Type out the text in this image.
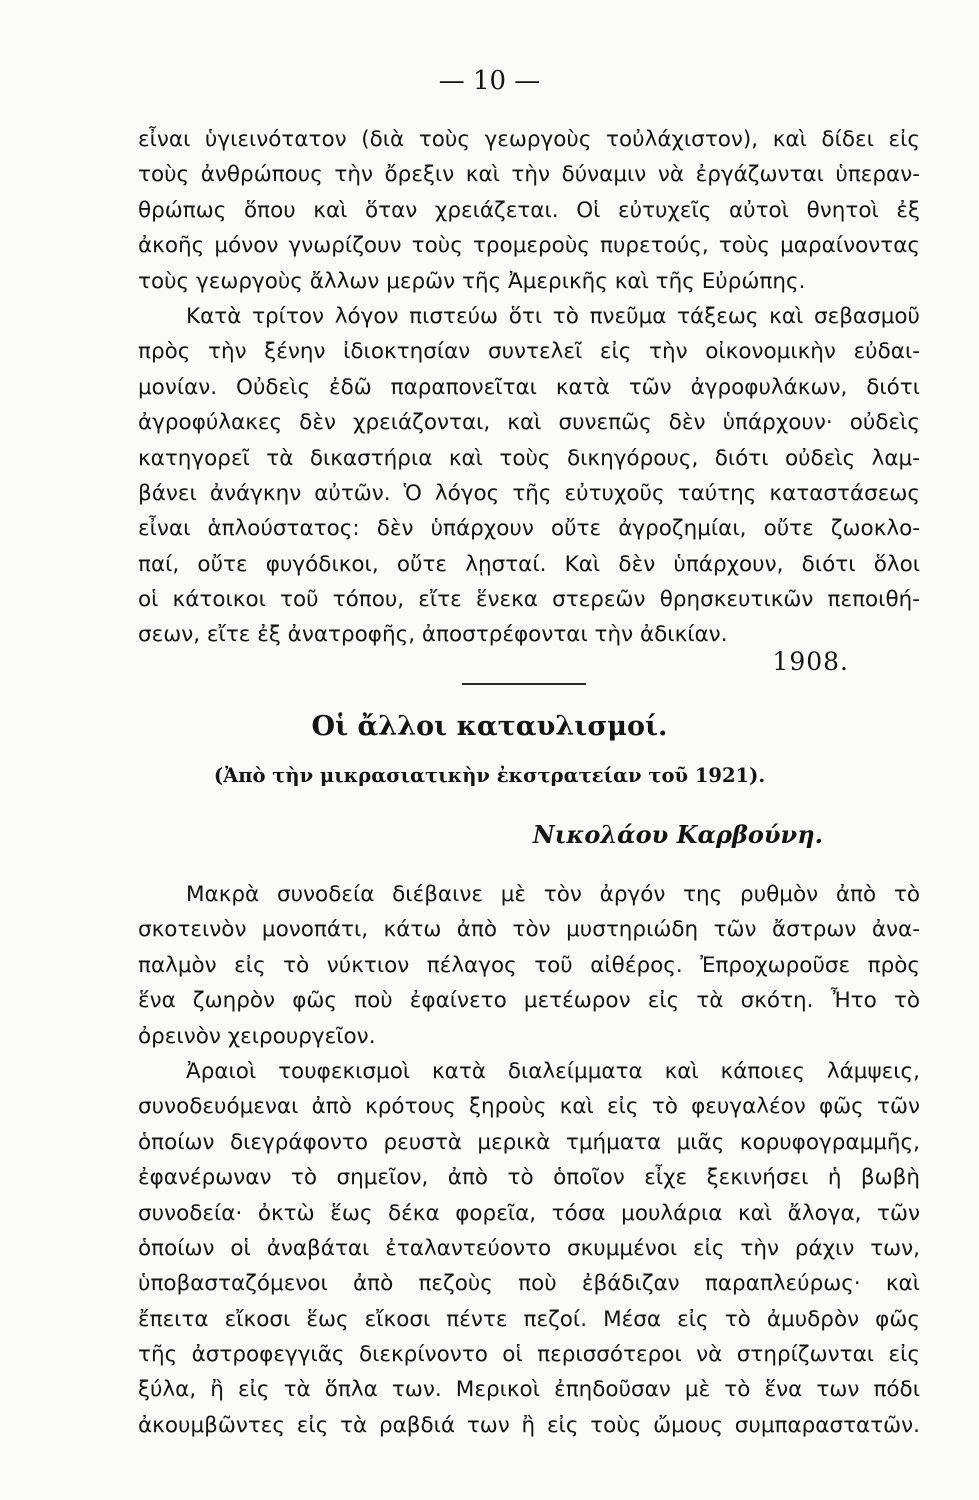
— 10 —
εἶναι ὑγιεινότατον (διὰ τοὺς γεωργοὺς τοὐλάχιστον), καὶ δίδει εἰς
τοὺς ἀνθρώπους τὴν ὄρεξιν καὶ τὴν δύναμιν νὰ ἐργάζωνται ὑπεραν-
θρώπως ὅπου καὶ ὅταν χρειάζεται. Οἱ εὐτυχεῖς αὐτοὶ θνητοὶ ἐξ
ἀκοῆς μόνον γνωρίζουν τοὺς τρομεροὺς πυρετούς, τοὺς μαραίνοντας
τοὺς γεωργοὺς ἄλλων μερῶν τῆς Ἀμερικῆς καὶ τῆς Εὐρώπης.
Κατὰ τρίτον λόγον πιστεύω ὅτι τὸ πνεῦμα τάξεως καὶ σεβασμοῦ
πρὸς τὴν ξένην ἰδιοκτησίαν συντελεῖ εἰς τὴν οἰκονομικὴν εὐδαι-
μονίαν. Οὐδεὶς ἐδῶ παραπονεῖται κατὰ τῶν ἀγροφυλάκων, διότι
ἀγροφύλακες δὲν χρειάζονται, καὶ συνεπῶς δὲν ὑπάρχουν· οὐδεὶς
κατηγορεῖ τὰ δικαστήρια καὶ τοὺς δικηγόρους, διότι οὐδεὶς λαμ-
βάνει ἀνάγκην αὐτῶν. Ὁ λόγος τῆς εὐτυχοῦς ταύτης καταστάσεως
εἶναι ἁπλούστατος: δὲν ὑπάρχουν οὔτε ἀγροζημίαι, οὔτε ζωοκλο-
παί, οὔτε φυγόδικοι, οὔτε λῃσταί. Καὶ δὲν ὑπάρχουν, διότι ὅλοι
οἱ κάτοικοι τοῦ τόπου, εἴτε ἕνεκα στερεῶν θρησκευτικῶν πεποιθή-
σεων, εἴτε ἐξ ἀνατροφῆς, ἀποστρέφονται τὴν ἀδικίαν.
1908.
Οἱ ἄλλοι καταυλισμοί.
(Ἀπὸ τὴν μικρασιατικὴν ἐκστρατείαν τοῦ 1921).
Νικολάου Καρβούνη.
Μακρὰ συνοδεία διέβαινε μὲ τὸν ἀργόν της ρυθμὸν ἀπὸ τὸ
σκοτεινὸν μονοπάτι, κάτω ἀπὸ τὸν μυστηριώδη τῶν ἄστρων ἀνα-
παλμὸν εἰς τὸ νύκτιον πέλαγος τοῦ αἰθέρος. Ἐπροχωροῦσε πρὸς
ἕνα ζωηρὸν φῶς ποὺ ἐφαίνετο μετέωρον εἰς τὰ σκότη. Ἦτο τὸ
ὀρεινὸν χειρουργεῖον.
Ἀραιοὶ τουφεκισμοὶ κατὰ διαλείμματα καὶ κάποιες λάμψεις,
συνοδευόμεναι ἀπὸ κρότους ξηροὺς καὶ εἰς τὸ φευγαλέον φῶς τῶν
ὁποίων διεγράφοντο ρευστὰ μερικὰ τμήματα μιᾶς κορυφογραμμῆς,
ἐφανέρωναν τὸ σημεῖον, ἀπὸ τὸ ὁποῖον εἶχε ξεκινήσει ἡ βωβὴ
συνοδεία· ὀκτὼ ἕως δέκα φορεῖα, τόσα μουλάρια καὶ ἄλογα, τῶν
ὁποίων οἱ ἀναβάται ἐταλαντεύοντο σκυμμένοι εἰς τὴν ράχιν των,
ὑποβασταζόμενοι ἀπὸ πεζοὺς ποὺ ἐβάδιζαν παραπλεύρως· καὶ
ἔπειτα εἴκοσι ἕως εἴκοσι πέντε πεζοί. Μέσα εἰς τὸ ἀμυδρὸν φῶς
τῆς ἀστροφεγγιᾶς διεκρίνοντο οἱ περισσότεροι νὰ στηρίζωνται εἰς
ξύλα, ἢ εἰς τὰ ὅπλα των. Μερικοὶ ἐπηδοῦσαν μὲ τὸ ἕνα των πόδι
ἀκουμβῶντες εἰς τὰ ραβδιά των ἢ εἰς τοὺς ὤμους συμπαραστατῶν.
